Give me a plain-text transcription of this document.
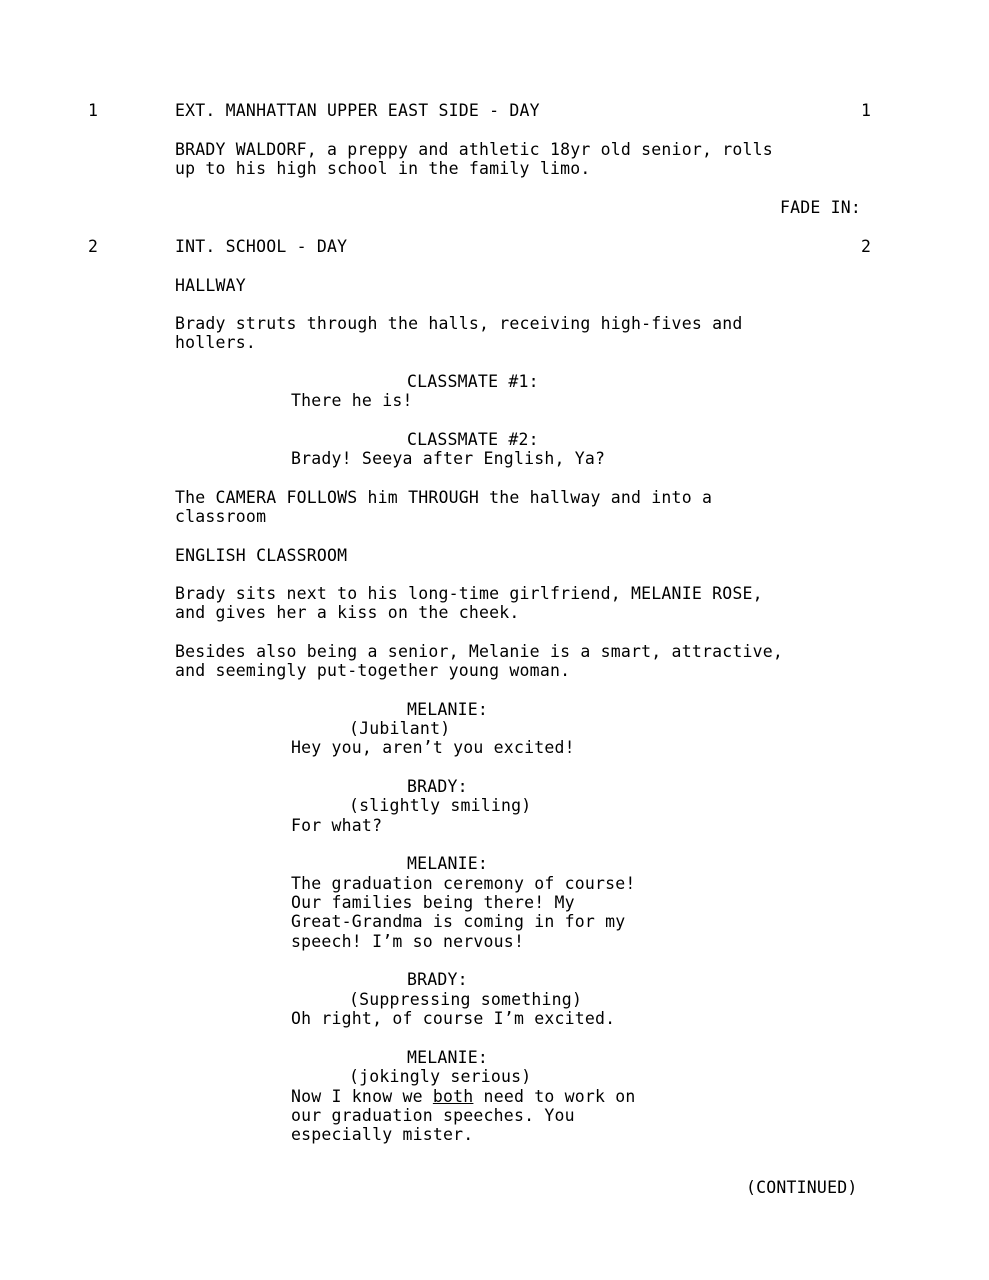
1	EXT. MANHATTAN UPPER EAST SIDE - DAY	1
BRADY WALDORF, a preppy and athletic 18yr old senior, rolls
up to his high school in the family limo.
FADE IN:
2	INT. SCHOOL - DAY	2
HALLWAY
Brady struts through the halls, receiving high-fives and
hollers.
CLASSMATE #1:
There he is!
CLASSMATE #2:
Brady! Seeya after English, Ya?
The CAMERA FOLLOWS him THROUGH the hallway and into a
classroom
ENGLISH CLASSROOM
Brady sits next to his long-time girlfriend, MELANIE ROSE,
and gives her a kiss on the cheek.
Besides also being a senior, Melanie is a smart, attractive,
and seemingly put-together young woman.
MELANIE:
(Jubilant)
Hey you, aren’t you excited!
BRADY:
(slightly smiling)
For what?
MELANIE:
The graduation ceremony of course!
Our families being there! My
Great-Grandma is coming in for my
speech! I’m so nervous!
BRADY:
(Suppressing something)
Oh right, of course I’m excited.
MELANIE:
(jokingly serious)
Now I know we both need to work on
our graduation speeches. You
especially mister.
(CONTINUED)
